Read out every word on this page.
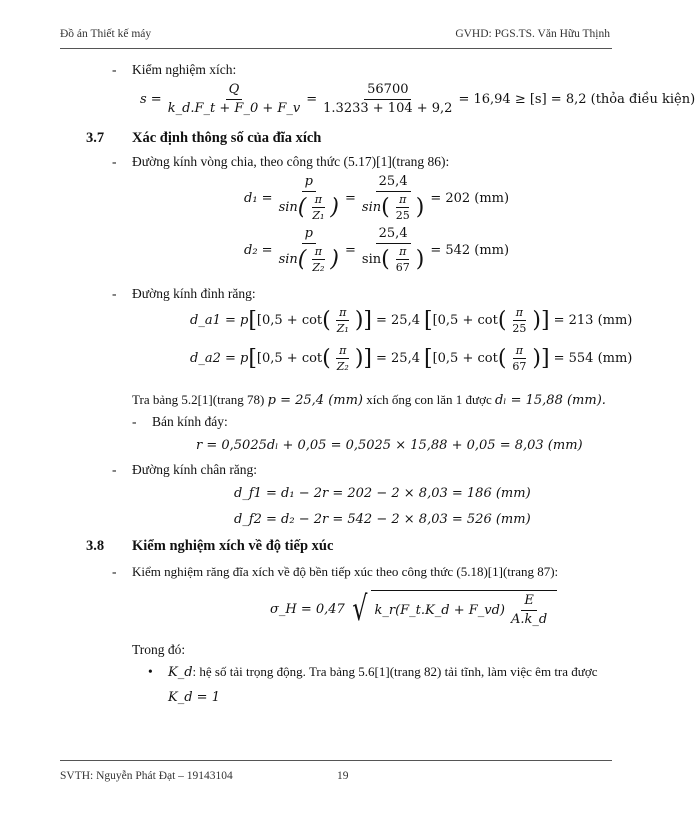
Đồ án Thiết kế máy	GVHD: PGS.TS. Văn Hữu Thịnh
- Kiểm nghiệm xích:
$s = \frac{Q}{k\_d.F\_t + F\_0 + F\_v} = \frac{56700}{1.3233 + 104 + 9,2} = 16,94 \ge [s] = 8,2$ (thỏa điều kiện)
3.7 Xác định thông số của đĩa xích
- Đường kính vòng chia, theo công thức (5.17)[1](trang 86):
$d_1 = \frac{p}{\sin ( \frac{\pi}{\text{Z₁}} )} = \frac{25,4}{\sin ( \frac{\pi}{25} )} = 202$ (mm)
$d_2 = \frac{p}{\sin ( \frac{\pi}{\text{Z₂}} )} = \frac{25,4}{\sin ( \frac{\pi}{67} )} = 542$ (mm)
- Đường kính đỉnh răng:
d_a1 = p [ [0,5 + cot ( $\frac{\pi}{\text{Z₁}}$ )] = 25,4 [ [0,5 + cot ( $\frac{\pi}{25}$ )] = 213 (mm)
d_a2 = p [ [0,5 + cot ( $\frac{\pi}{\text{Z₂}}$ )] = 25,4 [ [0,5 + cot ( $\frac{\pi}{67}$ )] = 554 (mm)
Tra bảng 5.2[1](trang 78) p = 25,4 (mm) xích ống con lăn 1 được dₗ = 15,88 (mm).
- Bán kính đáy:
r = 0,5025dₗ + 0,05 = 0,5025 × 15,88 + 0,05 = 8,03 (mm)
- Đường kính chân răng:
d_f1 = d₁ − 2r = 202 − 2 × 8,03 = 186 (mm)
d_f2 = d₂ − 2r = 542 − 2 × 8,03 = 526 (mm)
3.8 Kiểm nghiệm xích về độ tiếp xúc
- Kiểm nghiệm răng đĩa xích về độ bền tiếp xúc theo công thức (5.18)[1](trang 87):
σ_H = 0,47 √ k_r(F_t.K_d + F_vd) $\frac{E}{A.k\_d}$
Trong đó:
• K_d: hệ số tải trọng động. Tra bảng 5.6[1](trang 82) tải tĩnh, làm việc êm tra được
K_d = 1
SVTH: Nguyễn Phát Đạt – 19143104	19
